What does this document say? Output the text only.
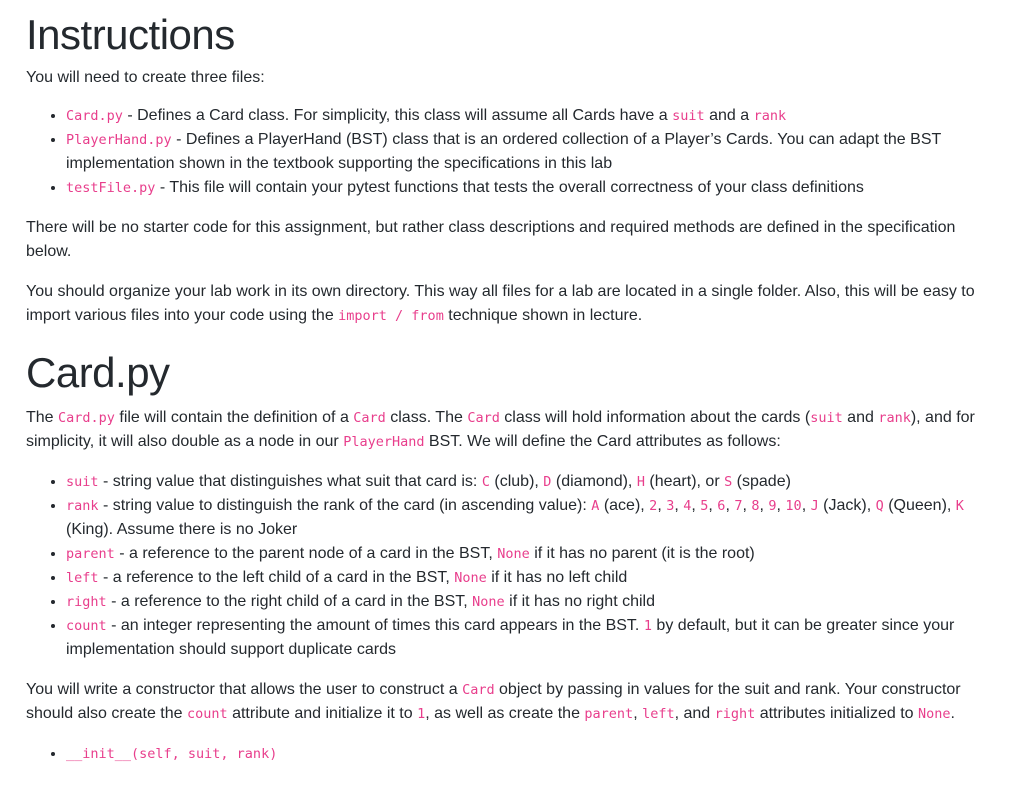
Instructions

You will need to create three files:

• Card.py - Defines a Card class. For simplicity, this class will assume all Cards have a suit and a rank
• PlayerHand.py - Defines a PlayerHand (BST) class that is an ordered collection of a Player’s Cards. You can adapt the BST implementation shown in the textbook supporting the specifications in this lab
• testFile.py - This file will contain your pytest functions that tests the overall correctness of your class definitions

There will be no starter code for this assignment, but rather class descriptions and required methods are defined in the specification below.

You should organize your lab work in its own directory. This way all files for a lab are located in a single folder. Also, this will be easy to import various files into your code using the import / from technique shown in lecture.

Card.py

The Card.py file will contain the definition of a Card class. The Card class will hold information about the cards (suit and rank), and for simplicity, it will also double as a node in our PlayerHand BST. We will define the Card attributes as follows:

• suit - string value that distinguishes what suit that card is: C (club), D (diamond), H (heart), or S (spade)
• rank - string value to distinguish the rank of the card (in ascending value): A (ace), 2, 3, 4, 5, 6, 7, 8, 9, 10, J (Jack), Q (Queen), K (King). Assume there is no Joker
• parent - a reference to the parent node of a card in the BST, None if it has no parent (it is the root)
• left - a reference to the left child of a card in the BST, None if it has no left child
• right - a reference to the right child of a card in the BST, None if it has no right child
• count - an integer representing the amount of times this card appears in the BST. 1 by default, but it can be greater since your implementation should support duplicate cards

You will write a constructor that allows the user to construct a Card object by passing in values for the suit and rank. Your constructor should also create the count attribute and initialize it to 1, as well as create the parent, left, and right attributes initialized to None.

• __init__(self, suit, rank)
